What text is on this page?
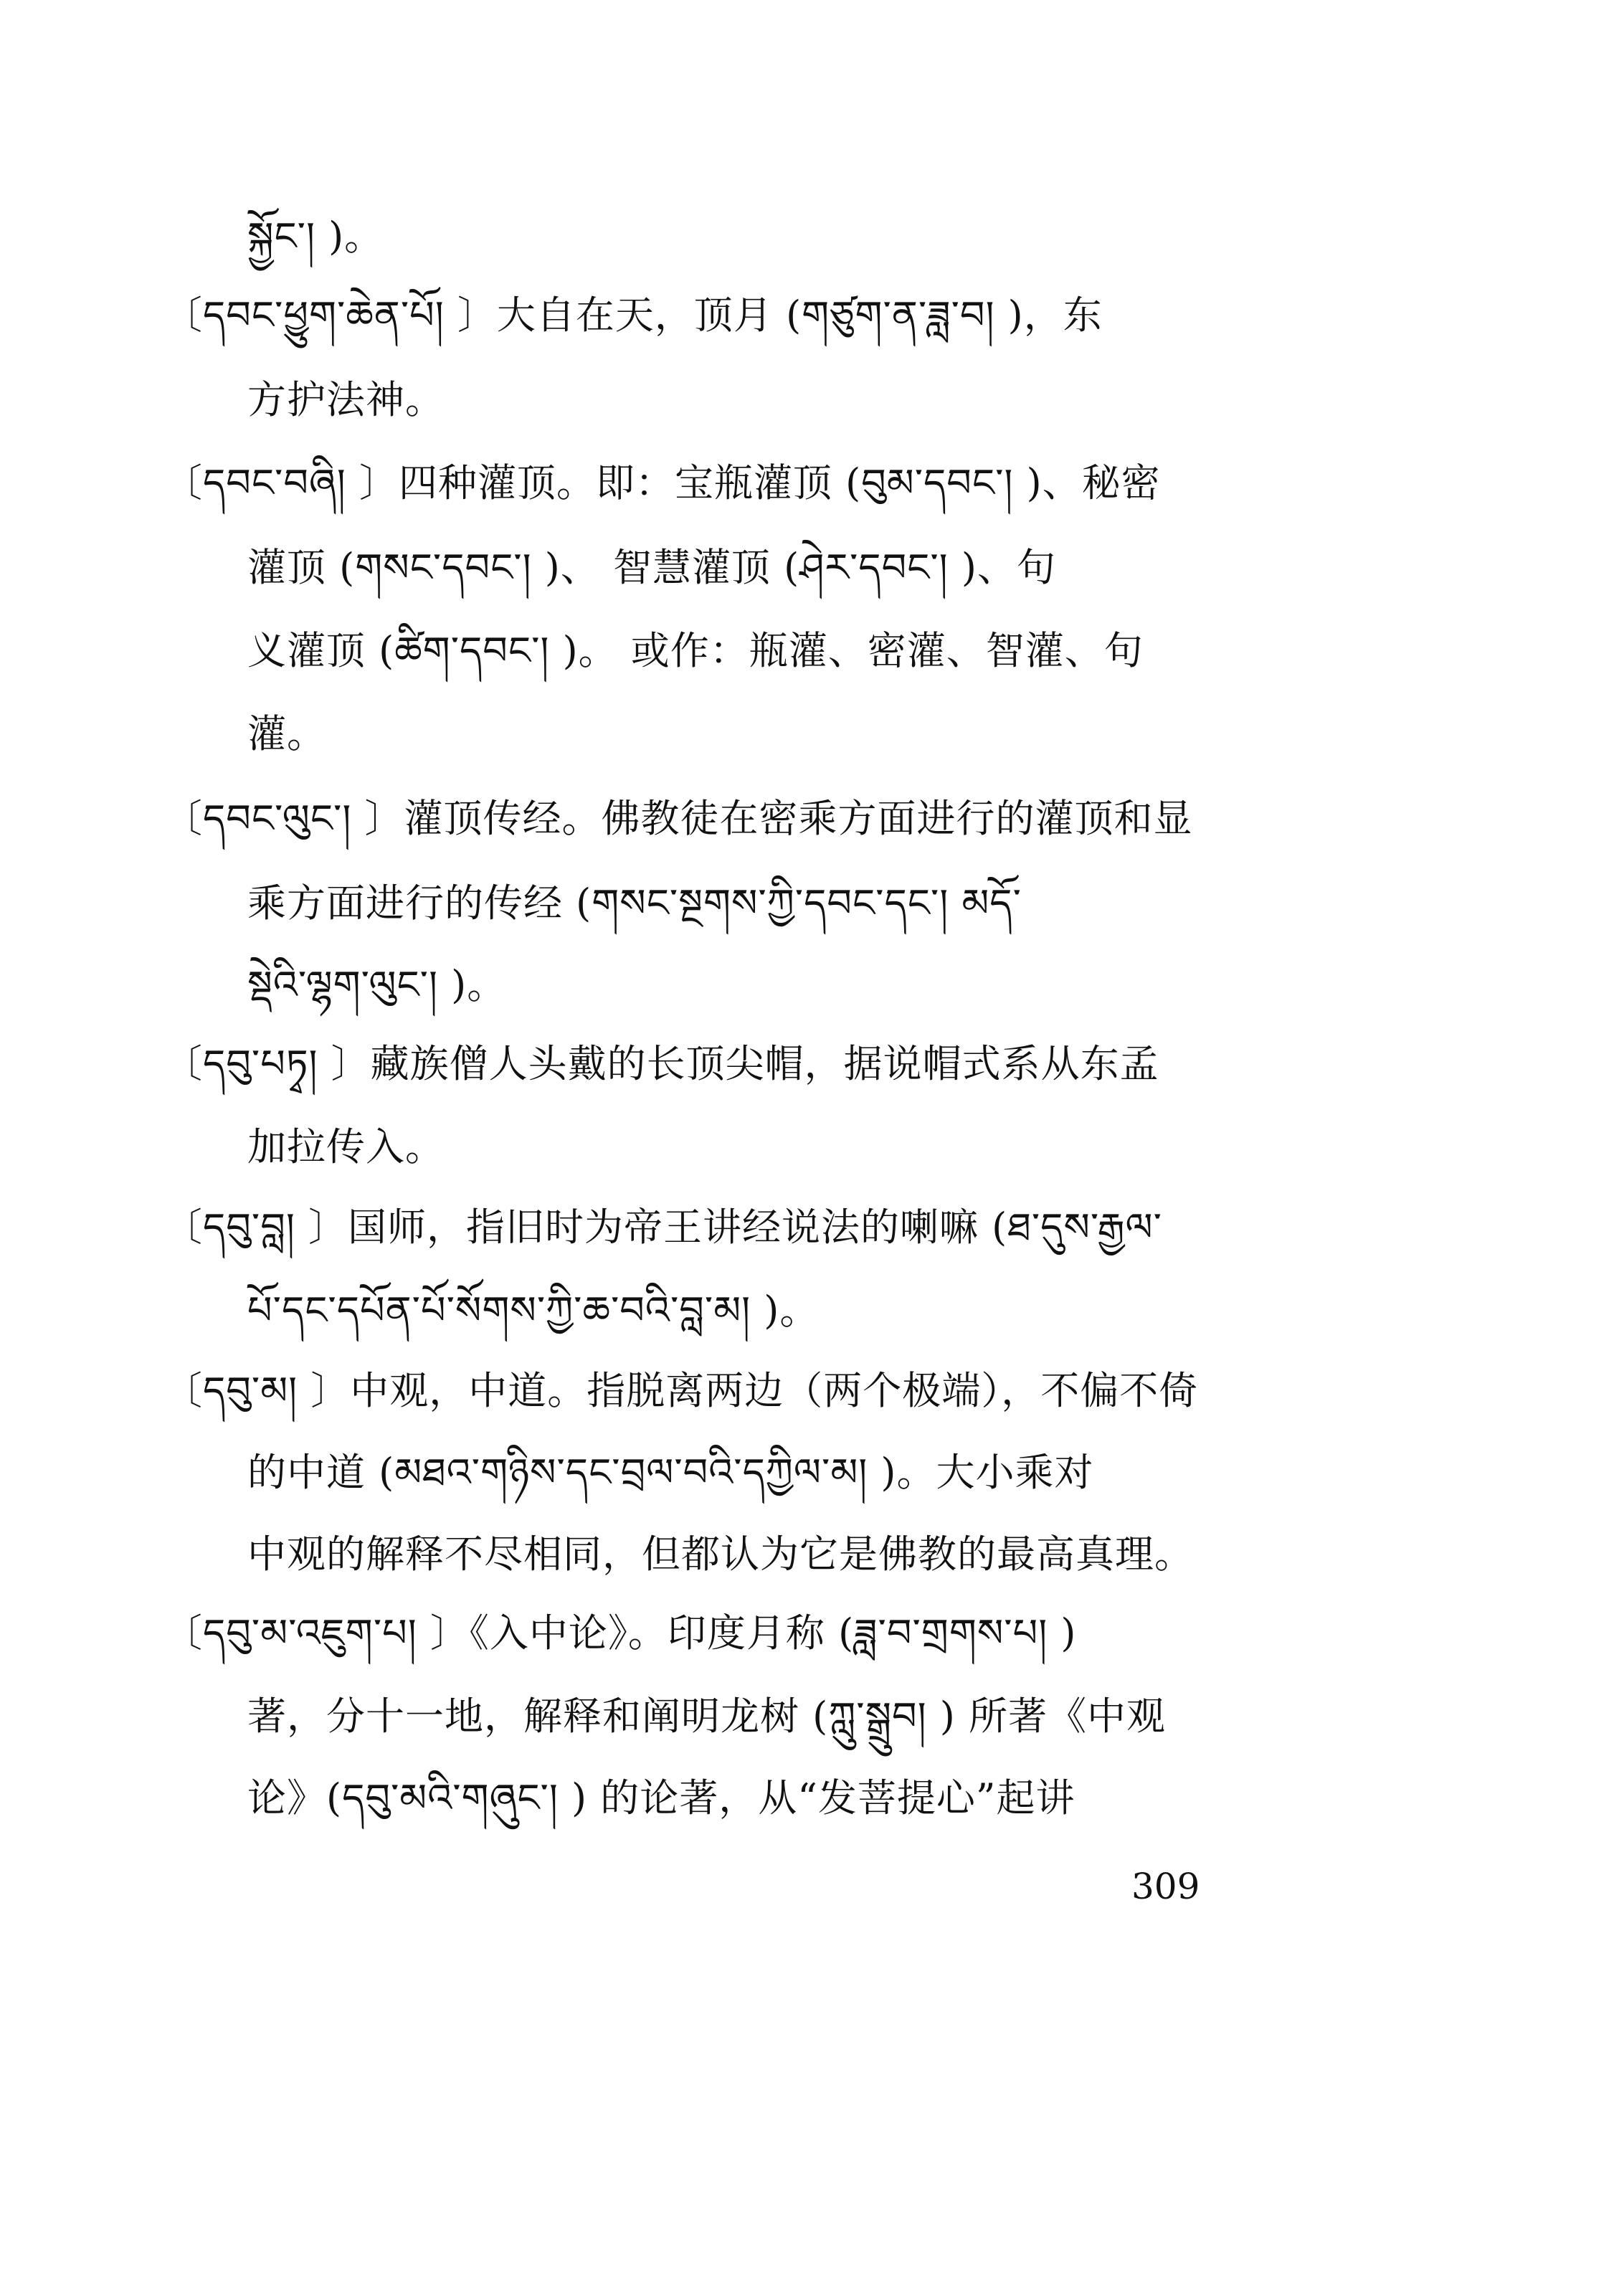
སྐྱོང་། )。
〔དབང་ཕྱུག་ཆེན་པོ། 〕大自在天，顶月 (གཙུག་ན་ཟླ་བ། )，东
方护法神。
〔དབང་བཞི། 〕四种灌顶。即：宝瓶灌顶 (བུམ་དབང་། )、秘密
灌顶 (གསང་དབང་། )、 智慧灌顶 (ཤེར་དབང་། )、句
义灌顶 (ཚིག་དབང་། )。 或作：瓶灌、密灌、智灌、句
灌。
〔དབང་ལུང་། 〕灌顶传经。佛教徒在密乘方面进行的灌顶和显
乘方面进行的传经 (གསང་སྔགས་ཀྱི་དབང་དང་། མདོ་
སྡེའི་ལྷག་ལུང་། )。
〔དབུ་པཏྭ། 〕藏族僧人头戴的长顶尖帽，据说帽式系从东孟
加拉传入。
〔དབུ་བླ། 〕国师，指旧时为帝王讲经说法的喇嘛 (ཐ་དུས་རྒྱལ་
པོ་དང་དཔོན་པོ་སོགས་ཀྱི་ཆ་བའི་བླ་མ། )。
〔དབུ་མ། 〕中观，中道。指脱离两边（两个极端），不偏不倚
的中道 (མཐའ་གཉིས་དང་བྲལ་བའི་དཀྱིལ་མ། )。大小乘对
中观的解释不尽相同，但都认为它是佛教的最高真理。
〔དབུ་མ་འཇུག་པ། 〕《入中论》。印度月称 (ཟླ་བ་གྲགས་པ། )
著，分十一地，解释和阐明龙树 (ཀླུ་སྒྲུབ། ) 所著《中观
论》(དབུ་མའི་གཞུང་། ) 的论著，从“发菩提心”起讲
309
